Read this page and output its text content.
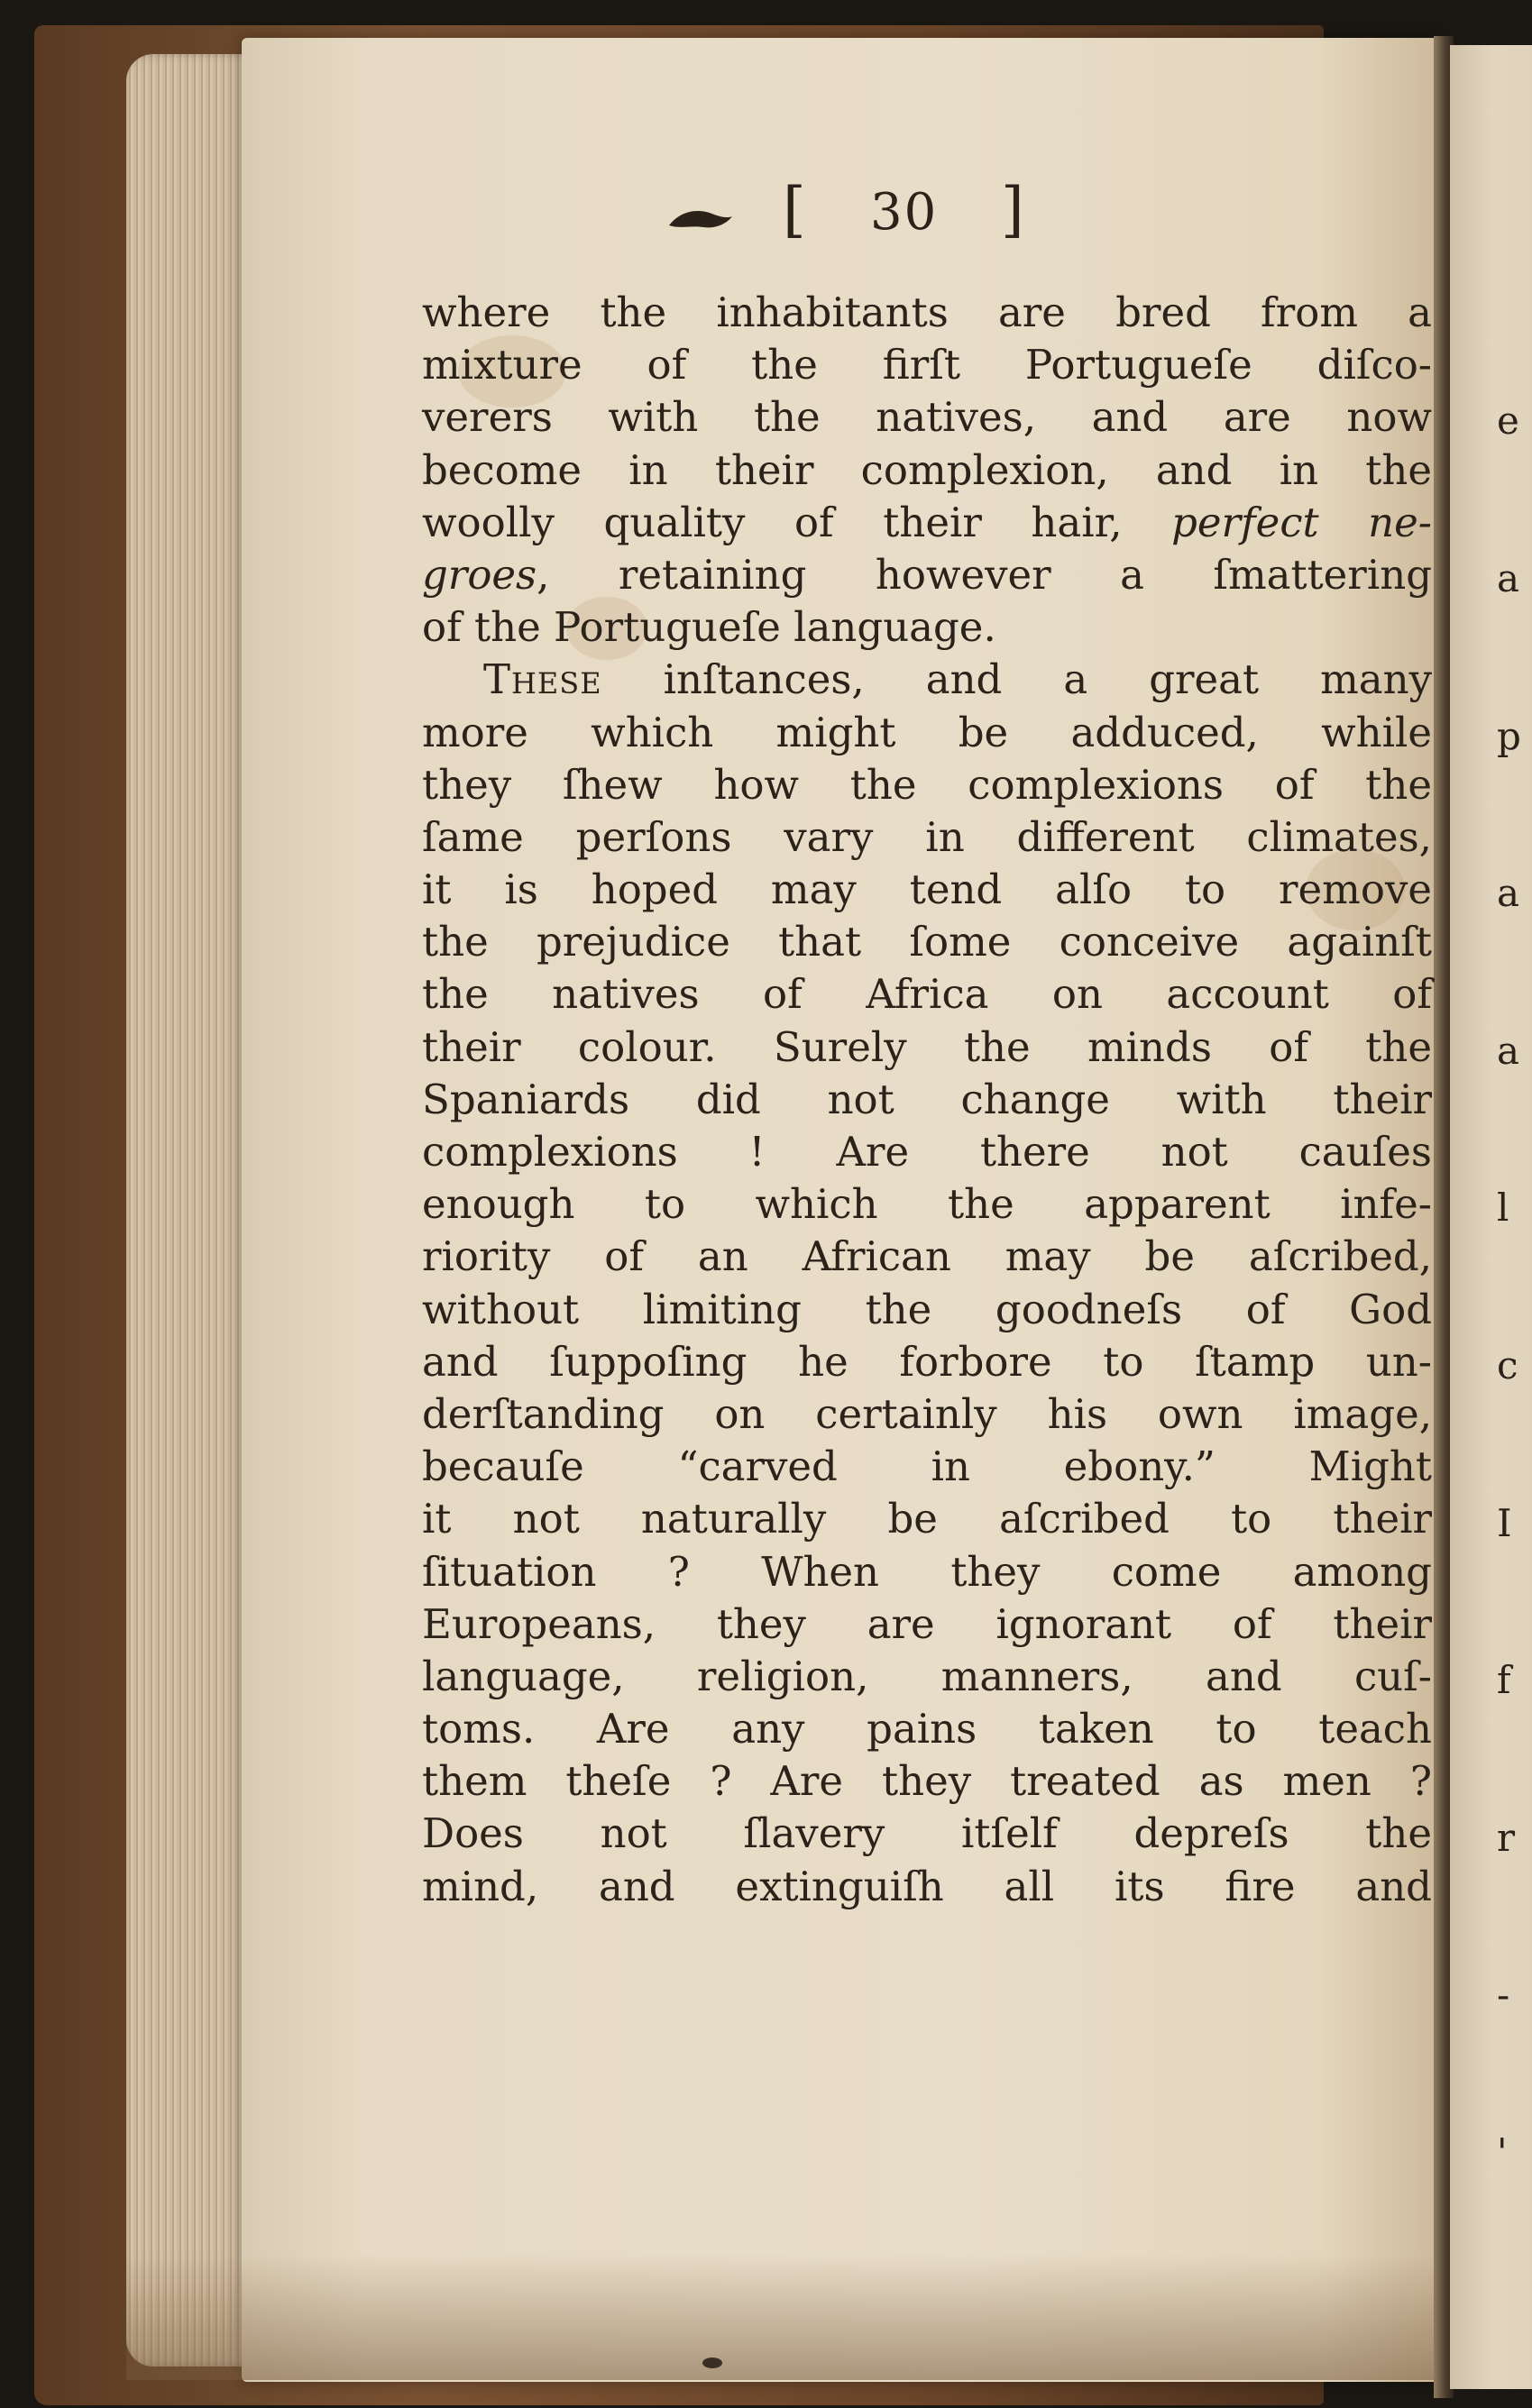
e

a

p

a

a

l

c

I

f

r

-

'

[ 30 ]
where the inhabitants are bred from a
mixture of the firſt Portugueſe diſco-
verers with the natives, and are now
become in their complexion, and in the
woolly quality of their hair, perfect ne-
groes, retaining however a ſmattering
of the Portugueſe language.
These inſtances, and a great many
more which might be adduced, while
they ſhew how the complexions of the
ſame perſons vary in different climates,
it is hoped may tend alſo to remove
the prejudice that ſome conceive againſt
the natives of Africa on account of
their colour. Surely the minds of the
Spaniards did not change with their
complexions ! Are there not cauſes
enough to which the apparent infe-
riority of an African may be aſcribed,
without limiting the goodneſs of God
and ſuppoſing he forbore to ſtamp un-
derſtanding on certainly his own image,
becauſe “carved in ebony.” Might
it not naturally be aſcribed to their
ſituation ? When they come among
Europeans, they are ignorant of their
language, religion, manners, and cuſ-
toms. Are any pains taken to teach
them theſe ? Are they treated as men ?
Does not ſlavery itſelf depreſs the
mind, and extinguiſh all its fire and
